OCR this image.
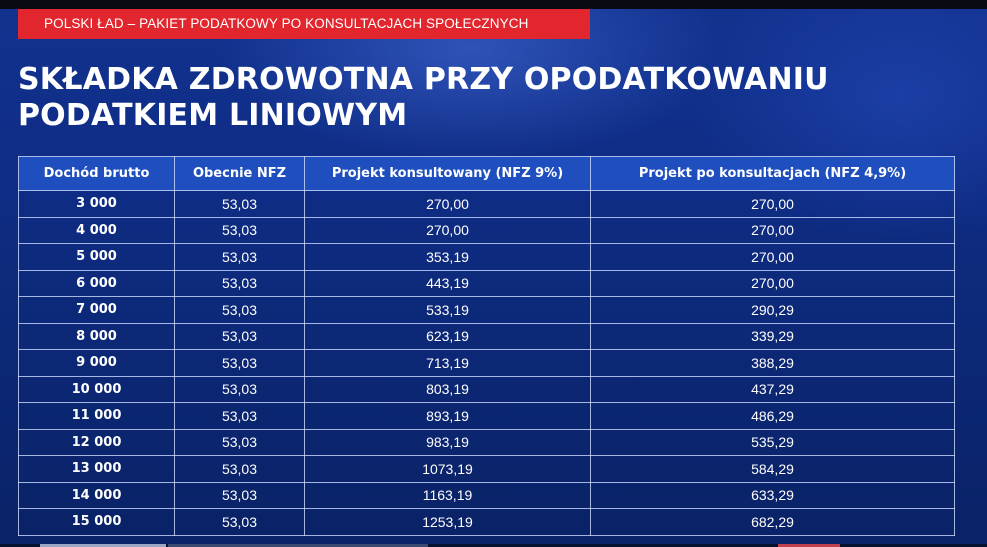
POLSKI ŁAD – PAKIET PODATKOWY PO KONSULTACJACH SPOŁECZNYCH
SKŁADKA ZDROWOTNA PRZY OPODATKOWANIU
PODATKIEM LINIOWYM
Dochód brutto	Obecnie NFZ	Projekt konsultowany (NFZ 9%)	Projekt po konsultacjach (NFZ 4,9%)
3 000	53,03	270,00	270,00
4 000	53,03	270,00	270,00
5 000	53,03	353,19	270,00
6 000	53,03	443,19	270,00
7 000	53,03	533,19	290,29
8 000	53,03	623,19	339,29
9 000	53,03	713,19	388,29
10 000	53,03	803,19	437,29
11 000	53,03	893,19	486,29
12 000	53,03	983,19	535,29
13 000	53,03	1073,19	584,29
14 000	53,03	1163,19	633,29
15 000	53,03	1253,19	682,29
